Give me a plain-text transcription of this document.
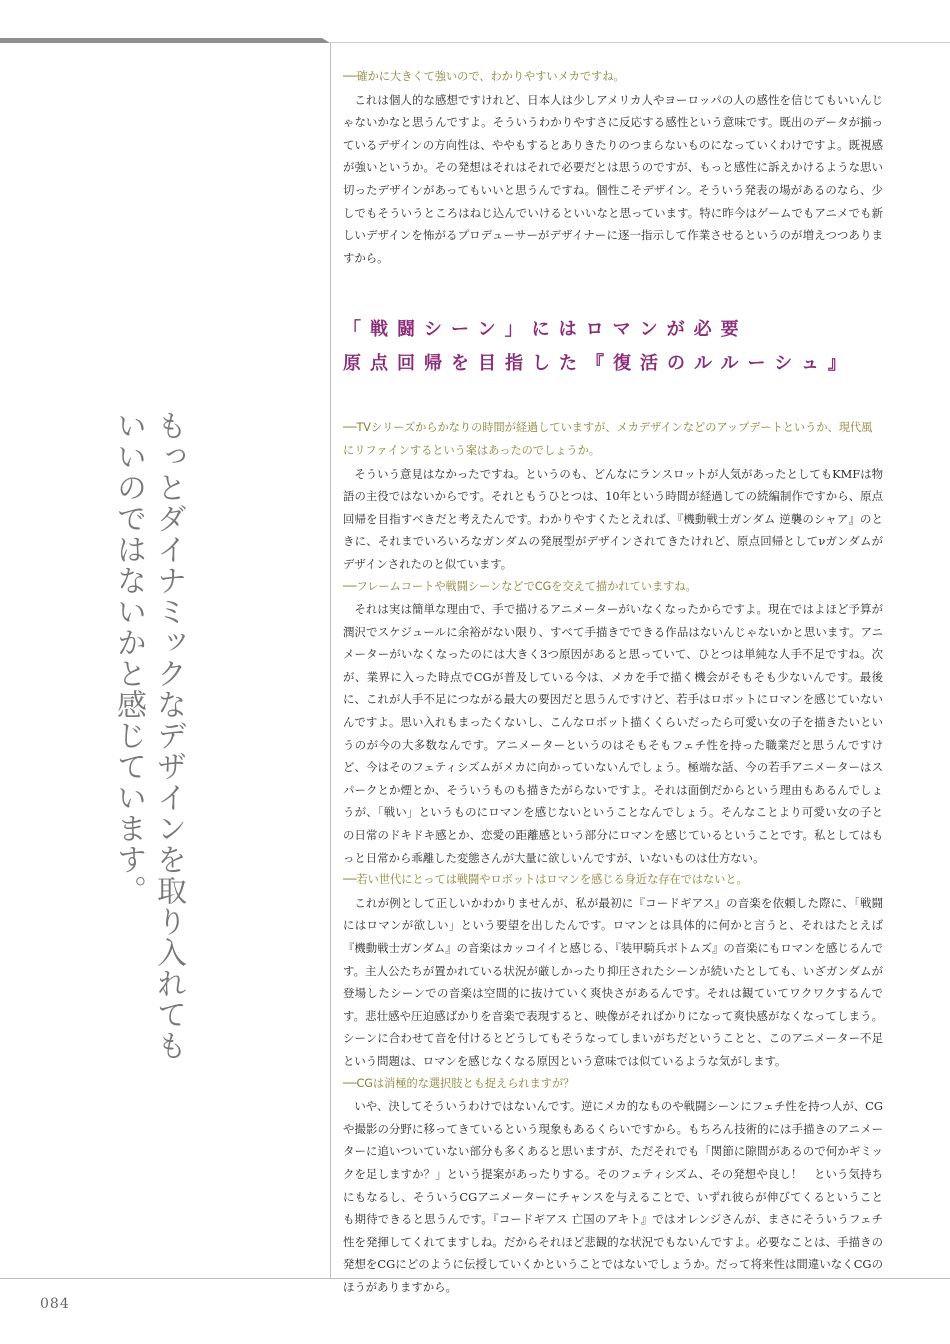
もっとダイナミックなデザインを取り入れても
いいのではないかと感じています。

──確かに大きくて強いので、わかりやすいメカですね。

これは個人的な感想ですけれど、日本人は少しアメリカ人やヨーロッパの人の感性を信じてもいいんじゃないかなと思うんですよ。そういうわかりやすさに反応する感性という意味です。既出のデータが揃っているデザインの方向性は、ややもするとありきたりのつまらないものになっていくわけですよ。既視感が強いというか。その発想はそれはそれで必要だとは思うのですが、もっと感性に訴えかけるような思い切ったデザインがあってもいいと思うんですね。個性こそデザイン。そういう発表の場があるのなら、少しでもそういうところはねじ込んでいけるといいなと思っています。特に昨今はゲームでもアニメでも新しいデザインを怖がるプロデューサーがデザイナーに逐一指示して作業させるというのが増えつつありますから。

「戦闘シーン」にはロマンが必要
原点回帰を目指した『復活のルルーシュ』

──TVシリーズからかなりの時間が経過していますが、メカデザインなどのアップデートというか、現代風にリファインするという案はあったのでしょうか。

そういう意見はなかったですね。というのも、どんなにランスロットが人気があったとしてもKMFは物語の主役ではないからです。それともうひとつは、10年という時間が経過しての続編制作ですから、原点回帰を目指すべきだと考えたんです。わかりやすくたとえれば、『機動戦士ガンダム 逆襲のシャア』のときに、それまでいろいろなガンダムの発展型がデザインされてきたけれど、原点回帰としてνガンダムがデザインされたのと似ています。

──フレームコートや戦闘シーンなどでCGを交えて描かれていますね。

それは実は簡単な理由で、手で描けるアニメーターがいなくなったからですよ。現在ではよほど予算が潤沢でスケジュールに余裕がない限り、すべて手描きでできる作品はないんじゃないかと思います。アニメーターがいなくなったのには大きく3つ原因があると思っていて、ひとつは単純な人手不足ですね。次が、業界に入った時点でCGが普及している今は、メカを手で描く機会がそもそも少ないんです。最後に、これが人手不足につながる最大の要因だと思うんですけど、若手はロボットにロマンを感じていないんですよ。思い入れもまったくないし、こんなロボット描くくらいだったら可愛い女の子を描きたいというのが今の大多数なんです。アニメーターというのはそもそもフェチ性を持った職業だと思うんですけど、今はそのフェティシズムがメカに向かっていないんでしょう。極端な話、今の若手アニメーターはスパークとか煙とか、そういうものも描きたがらないですよ。それは面倒だからという理由もあるんでしょうが、「戦い」というものにロマンを感じないということなんでしょう。そんなことより可愛い女の子との日常のドキドキ感とか、恋愛の距離感という部分にロマンを感じているということです。私としてはもっと日常から乖離した変態さんが大量に欲しいんですが、いないものは仕方ない。

──若い世代にとっては戦闘やロボットはロマンを感じる身近な存在ではないと。

これが例として正しいかわかりませんが、私が最初に『コードギアス』の音楽を依頼した際に、「戦闘にはロマンが欲しい」という要望を出したんです。ロマンとは具体的に何かと言うと、それはたとえば『機動戦士ガンダム』の音楽はカッコイイと感じる、『装甲騎兵ボトムズ』の音楽にもロマンを感じるんです。主人公たちが置かれている状況が厳しかったり抑圧されたシーンが続いたとしても、いざガンダムが登場したシーンでの音楽は空間的に抜けていく爽快さがあるんです。それは観ていてワクワクするんです。悲壮感や圧迫感ばかりを音楽で表現すると、映像がそればかりになって爽快感がなくなってしまう。シーンに合わせて音を付けるとどうしてもそうなってしまいがちだということと、このアニメーター不足という問題は、ロマンを感じなくなる原因という意味では似ているような気がします。

──CGは消極的な選択肢とも捉えられますが？

いや、決してそういうわけではないんです。逆にメカ的なものや戦闘シーンにフェチ性を持つ人が、CGや撮影の分野に移ってきているという現象もあるくらいですから。もちろん技術的には手描きのアニメーターに追いついていない部分も多くあると思いますが、ただそれでも「関節に隙間があるので何かギミックを足しますか？」という提案があったりする。そのフェティシズム、その発想や良し！　という気持ちにもなるし、そういうCGアニメーターにチャンスを与えることで、いずれ彼らが伸びてくるということも期待できると思うんです。『コードギアス 亡国のアキト』ではオレンジさんが、まさにそういうフェチ性を発揮してくれてますしね。だからそれほど悲観的な状況でもないんですよ。必要なことは、手描きの発想をCGにどのように伝授していくかということではないでしょうか。だって将来性は間違いなくCGのほうがありますから。

084
